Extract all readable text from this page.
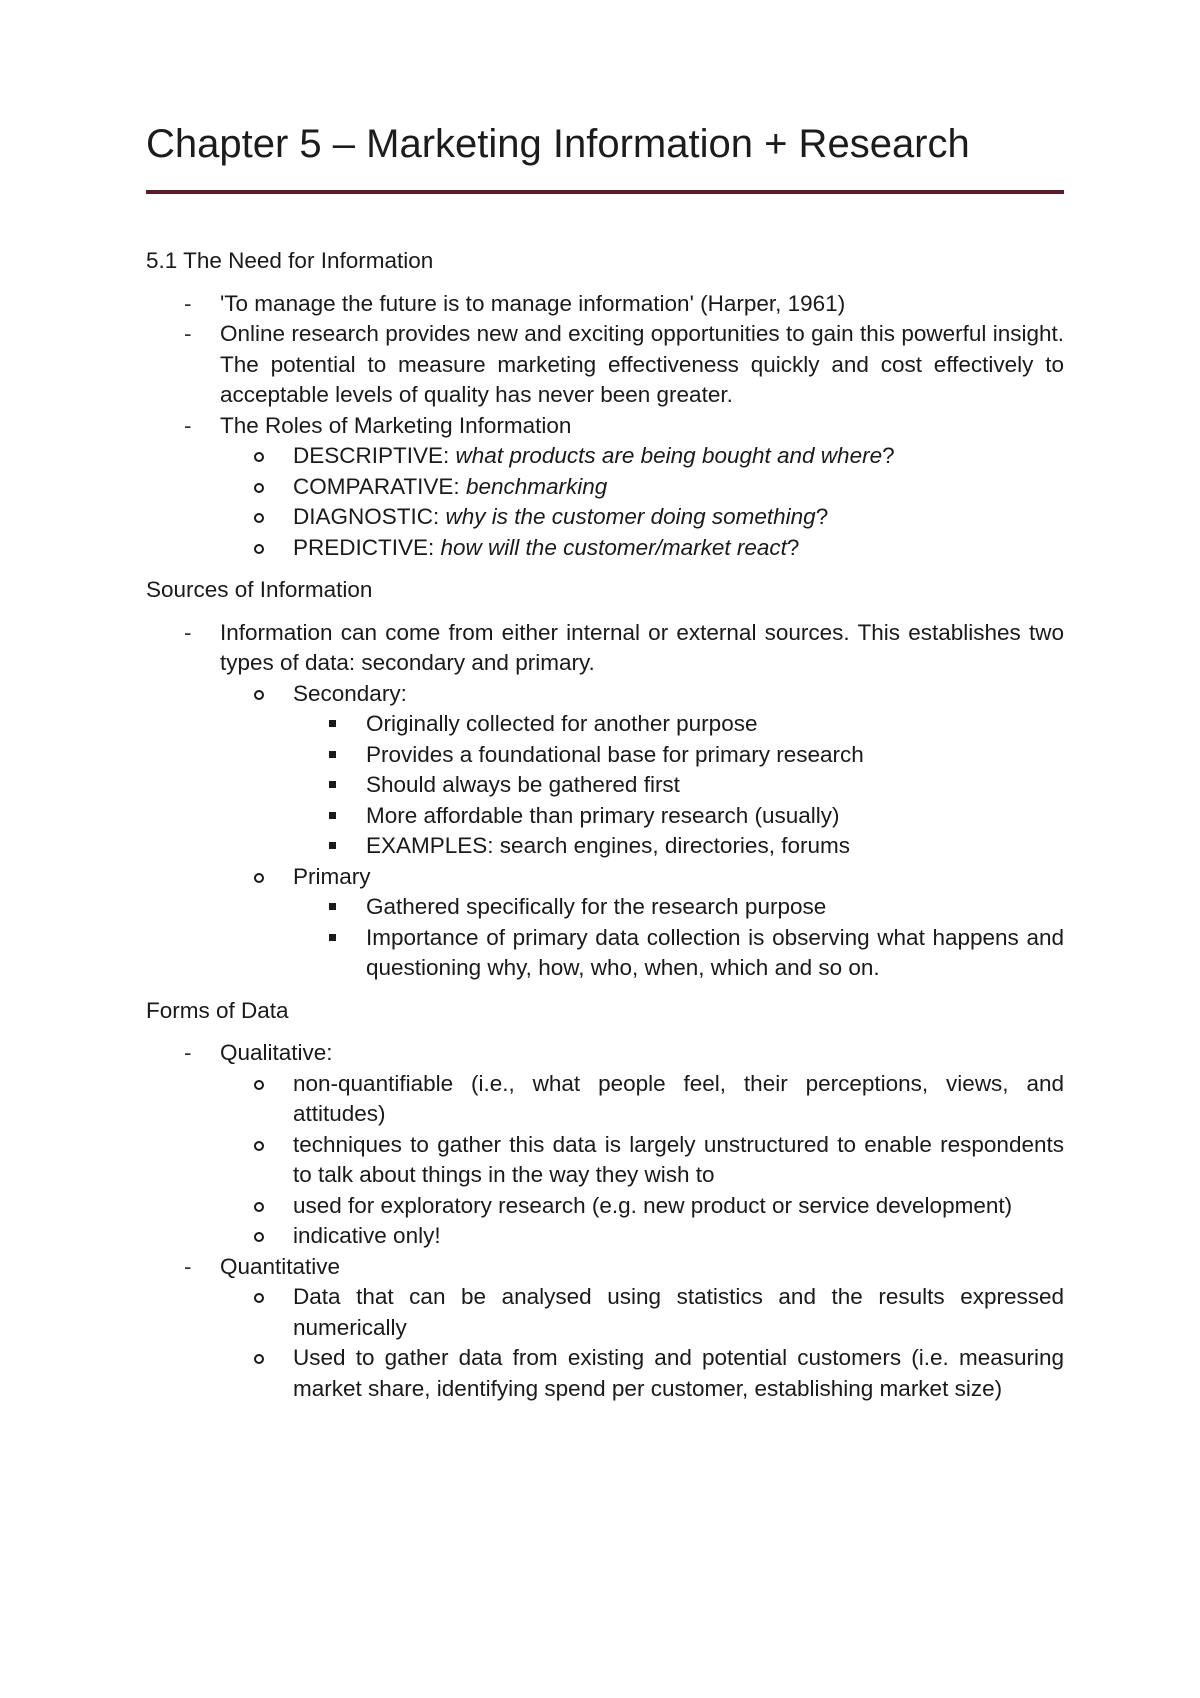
Chapter 5 – Marketing Information + Research

5.1 The Need for Information

- 'To manage the future is to manage information' (Harper, 1961)
- Online research provides new and exciting opportunities to gain this powerful insight. The potential to measure marketing effectiveness quickly and cost effectively to acceptable levels of quality has never been greater.
- The Roles of Marketing Information
DESCRIPTIVE: what products are being bought and where?
COMPARATIVE: benchmarking
DIAGNOSTIC: why is the customer doing something?
PREDICTIVE: how will the customer/market react?

Sources of Information

- Information can come from either internal or external sources. This establishes two types of data: secondary and primary.
Secondary:
Originally collected for another purpose
Provides a foundational base for primary research
Should always be gathered first
More affordable than primary research (usually)
EXAMPLES: search engines, directories, forums
Primary
Gathered specifically for the research purpose
Importance of primary data collection is observing what happens and questioning why, how, who, when, which and so on.

Forms of Data

- Qualitative:
non-quantifiable (i.e., what people feel, their perceptions, views, and attitudes)
techniques to gather this data is largely unstructured to enable respondents to talk about things in the way they wish to
used for exploratory research (e.g. new product or service development)
indicative only!
- Quantitative
Data that can be analysed using statistics and the results expressed numerically
Used to gather data from existing and potential customers (i.e. measuring market share, identifying spend per customer, establishing market size)
